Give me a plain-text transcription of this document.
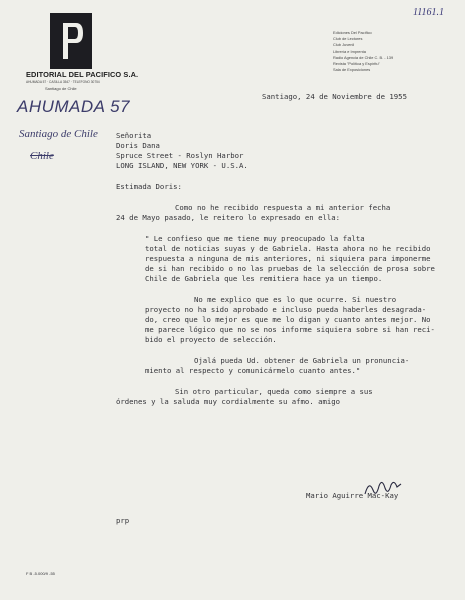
EDITORIAL DEL PACIFICO S.A.
AHUMADA 57 · CASILLA 3547 · TELEFONO 30754
Santiago de Chile
11161.1
Ediciones Del Pacífico
Club de Lectores
Club Juvenil
Librería e Imprenta
Radio Agencia de Chile C. B. - 139
Revista "Política y Espíritu"
Sala de Exposiciones
AHUMADA 57
Santiago de Chile
Chile
Santiago, 24 de Noviembre de 1955
Señorita
Doris Dana
Spruce Street - Roslyn Harbor
LONG ISLAND, NEW YORK - U.S.A.
Estimada Doris:
Como no he recibido respuesta a mi anterior fecha
24 de Mayo pasado, le reitero lo expresado en ella:
" Le confieso que me tiene muy preocupado la falta
total de noticias suyas y de Gabriela. Hasta ahora no he recibido
respuesta a ninguna de mis anteriores, ni siquiera para imponerme
de si han recibido o no las pruebas de la selección de prosa sobre
Chile de Gabriela que les remitiera hace ya un tiempo.
No me explico que es lo que ocurre. Si nuestro
proyecto no ha sido aprobado e incluso pueda haberles desagrada-
do, creo que lo mejor es que me lo digan y cuanto antes mejor. No
me parece lógico que no se nos informe siquiera sobre si han reci-
bido el proyecto de selección.
Ojalá pueda Ud. obtener de Gabriela un pronuncia-
miento al respecto y comunicármelo cuanto antes."
Sin otro particular, queda como siempre a sus
órdenes y la saluda muy cordialmente su afmo. amigo
Mario Aguirre Mac-Kay
prp
F B -5.000/9 -55
